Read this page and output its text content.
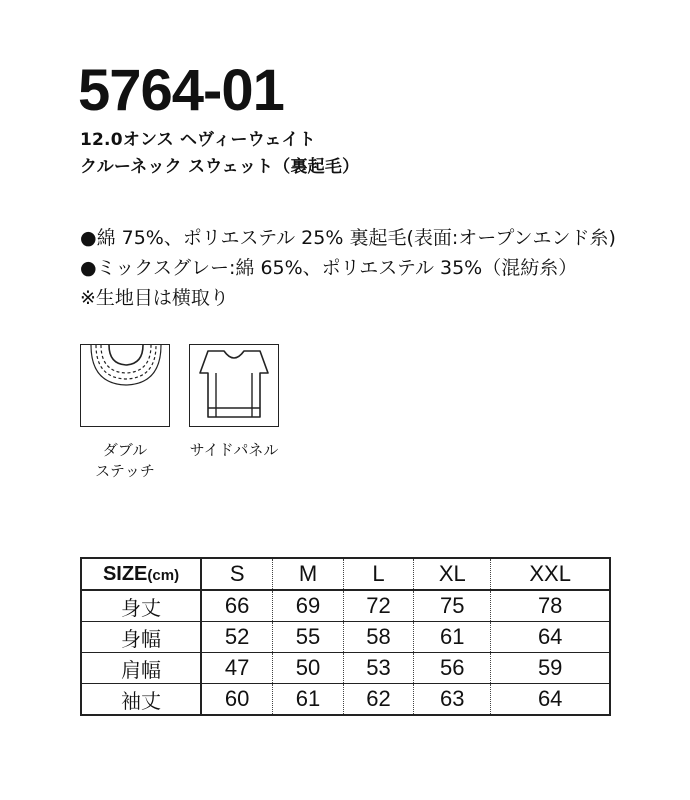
5764-01
12.0オンス ヘヴィーウェイト
クルーネック スウェット（裏起毛）
●綿 75%、ポリエステル 25% 裏起毛(表面:オープンエンド糸)
●ミックスグレー:綿 65%、ポリエステル 35%（混紡糸）
※生地目は横取り
ダブル
ステッチ
サイドパネル
SIZE(cm)	S	M	L	XL	XXL
身丈	66	69	72	75	78
身幅	52	55	58	61	64
肩幅	47	50	53	56	59
袖丈	60	61	62	63	64
